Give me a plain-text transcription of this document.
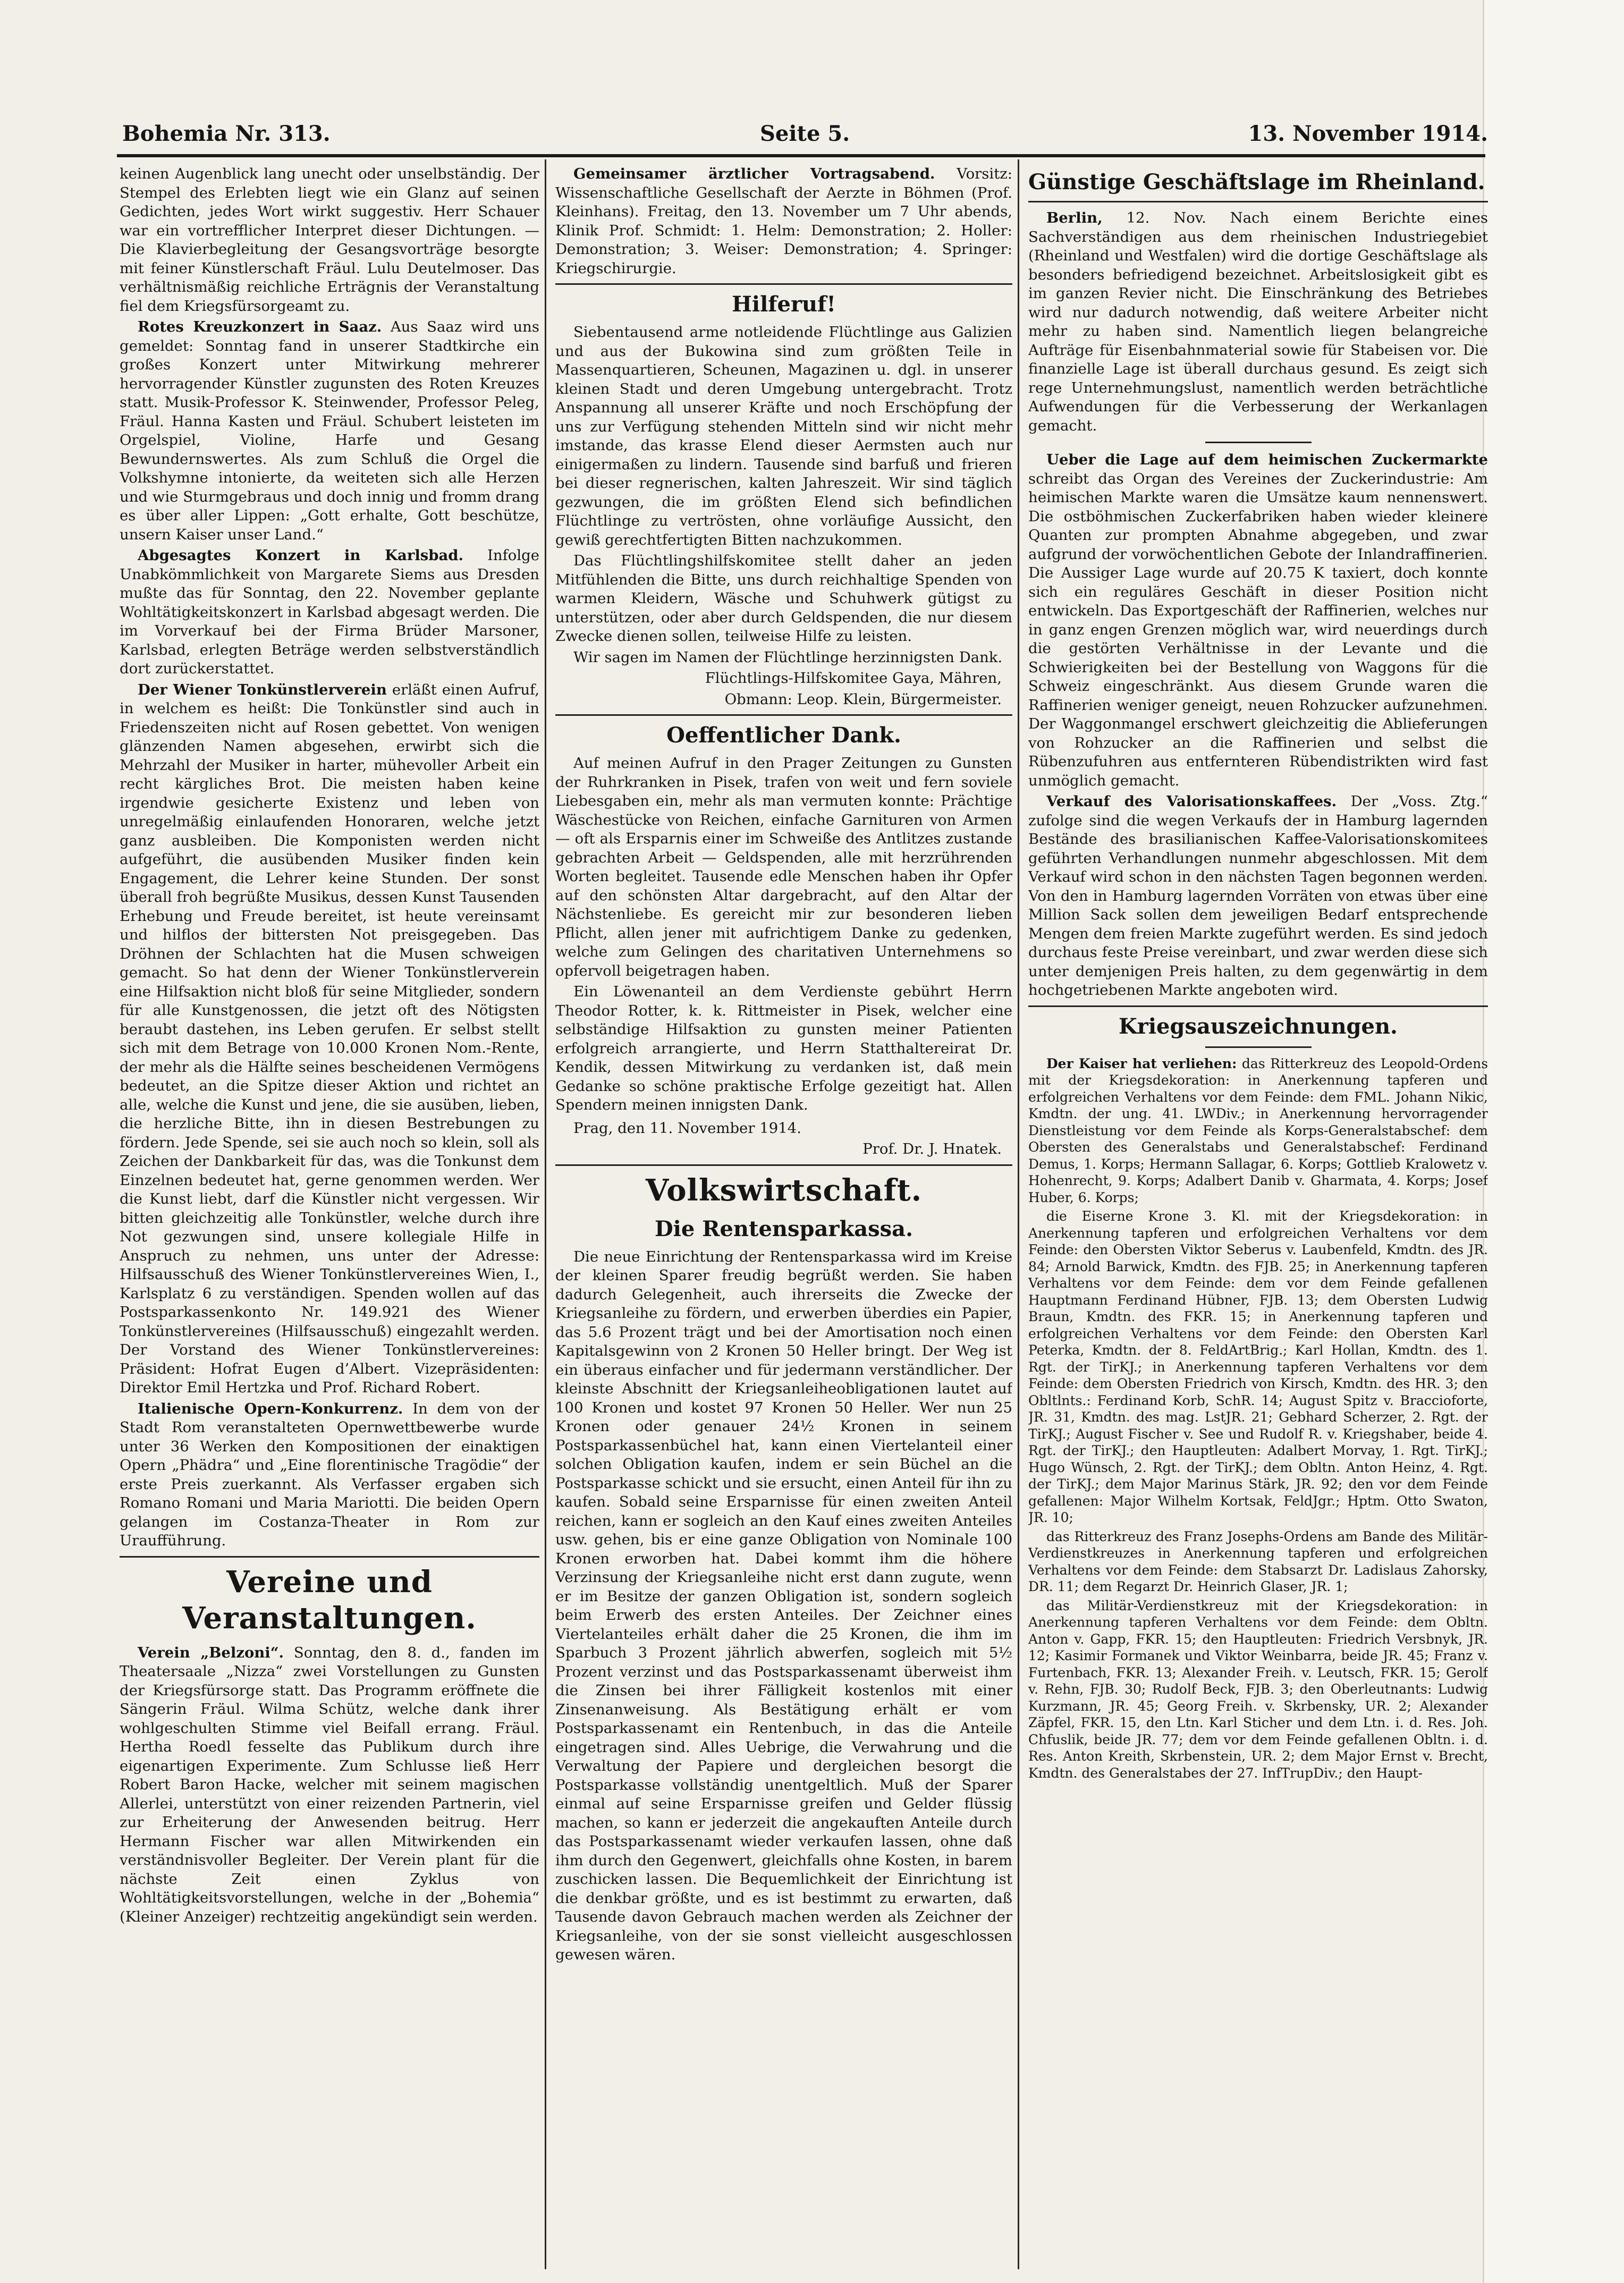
Bohemia Nr. 313.	Seite 5.	13. November 1914.

keinen Augenblick lang unecht oder unselbständig. Der Stempel des Erlebten liegt wie ein Glanz auf seinen Gedichten, jedes Wort wirkt suggestiv. Herr Schauer war ein vortrefflicher Interpret dieser Dichtungen. — Die Klavierbegleitung der Gesangsvorträge besorgte mit feiner Künstlerschaft Fräul. Lulu Deutelmoser. Das verhältnismäßig reichliche Erträgnis der Veranstaltung fiel dem Kriegsfürsorgeamt zu.

Rotes Kreuzkonzert in Saaz. Aus Saaz wird uns gemeldet: Sonntag fand in unserer Stadtkirche ein großes Konzert unter Mitwirkung mehrerer hervorragender Künstler zugunsten des Roten Kreuzes statt. Musik-Professor K. Steinwender, Professor Peleg, Fräul. Hanna Kasten und Fräul. Schubert leisteten im Orgelspiel, Violine, Harfe und Gesang Bewundernswertes. Als zum Schluß die Orgel die Volkshymne intonierte, da weiteten sich alle Herzen und wie Sturmgebraus und doch innig und fromm drang es über aller Lippen: „Gott erhalte, Gott beschütze, unsern Kaiser unser Land.“

Abgesagtes Konzert in Karlsbad. Infolge Unabkömmlichkeit von Margarete Siems aus Dresden mußte das für Sonntag, den 22. November geplante Wohltätigkeitskonzert in Karlsbad abgesagt werden. Die im Vorverkauf bei der Firma Brüder Marsoner, Karlsbad, erlegten Beträge werden selbstverständlich dort zurückerstattet.

Der Wiener Tonkünstlerverein erläßt einen Aufruf, in welchem es heißt: Die Tonkünstler sind auch in Friedenszeiten nicht auf Rosen gebettet. Von wenigen glänzenden Namen abgesehen, erwirbt sich die Mehrzahl der Musiker in harter, mühevoller Arbeit ein recht kärgliches Brot. Die meisten haben keine irgendwie gesicherte Existenz und leben von unregelmäßig einlaufenden Honoraren, welche jetzt ganz ausbleiben. Die Komponisten werden nicht aufgeführt, die ausübenden Musiker finden kein Engagement, die Lehrer keine Stunden. Der sonst überall froh begrüßte Musikus, dessen Kunst Tausenden Erhebung und Freude bereitet, ist heute vereinsamt und hilflos der bittersten Not preisgegeben. Das Dröhnen der Schlachten hat die Musen schweigen gemacht. So hat denn der Wiener Tonkünstlerverein eine Hilfsaktion nicht bloß für seine Mitglieder, sondern für alle Kunstgenossen, die jetzt oft des Nötigsten beraubt dastehen, ins Leben gerufen. Er selbst stellt sich mit dem Betrage von 10.000 Kronen Nom.-Rente, der mehr als die Hälfte seines bescheidenen Vermögens bedeutet, an die Spitze dieser Aktion und richtet an alle, welche die Kunst und jene, die sie ausüben, lieben, die herzliche Bitte, ihn in diesen Bestrebungen zu fördern. Jede Spende, sei sie auch noch so klein, soll als Zeichen der Dankbarkeit für das, was die Tonkunst dem Einzelnen bedeutet hat, gerne genommen werden. Wer die Kunst liebt, darf die Künstler nicht vergessen. Wir bitten gleichzeitig alle Tonkünstler, welche durch ihre Not gezwungen sind, unsere kollegiale Hilfe in Anspruch zu nehmen, uns unter der Adresse: Hilfsausschuß des Wiener Tonkünstlervereines Wien, I., Karlsplatz 6 zu verständigen. Spenden wollen auf das Postsparkassenkonto Nr. 149.921 des Wiener Tonkünstlervereines (Hilfsausschuß) eingezahlt werden. Der Vorstand des Wiener Tonkünstlervereines: Präsident: Hofrat Eugen d’Albert. Vizepräsidenten: Direktor Emil Hertzka und Prof. Richard Robert.

Italienische Opern-Konkurrenz. In dem von der Stadt Rom veranstalteten Opernwettbewerbe wurde unter 36 Werken den Kompositionen der einaktigen Opern „Phädra“ und „Eine florentinische Tragödie“ der erste Preis zuerkannt. Als Verfasser ergaben sich Romano Romani und Maria Mariotti. Die beiden Opern gelangen im Costanza-Theater in Rom zur Uraufführung.

Vereine und Veranstaltungen.

Verein „Belzoni“. Sonntag, den 8. d., fanden im Theatersaale „Nizza“ zwei Vorstellungen zu Gunsten der Kriegsfürsorge statt. Das Programm eröffnete die Sängerin Fräul. Wilma Schütz, welche dank ihrer wohlgeschulten Stimme viel Beifall errang. Fräul. Hertha Roedl fesselte das Publikum durch ihre eigenartigen Experimente. Zum Schlusse ließ Herr Robert Baron Hacke, welcher mit seinem magischen Allerlei, unterstützt von einer reizenden Partnerin, viel zur Erheiterung der Anwesenden beitrug. Herr Hermann Fischer war allen Mitwirkenden ein verständnisvoller Begleiter. Der Verein plant für die nächste Zeit einen Zyklus von Wohltätigkeitsvorstellungen, welche in der „Bohemia“ (Kleiner Anzeiger) rechtzeitig angekündigt sein werden.

Gemeinsamer ärztlicher Vortragsabend. Vorsitz: Wissenschaftliche Gesellschaft der Aerzte in Böhmen (Prof. Kleinhans). Freitag, den 13. November um 7 Uhr abends, Klinik Prof. Schmidt: 1. Helm: Demonstration; 2. Holler: Demonstration; 3. Weiser: Demonstration; 4. Springer: Kriegschirurgie.

Hilferuf!

Siebentausend arme notleidende Flüchtlinge aus Galizien und aus der Bukowina sind zum größten Teile in Massenquartieren, Scheunen, Magazinen u. dgl. in unserer kleinen Stadt und deren Umgebung untergebracht. Trotz Anspannung all unserer Kräfte und noch Erschöpfung der uns zur Verfügung stehenden Mitteln sind wir nicht mehr imstande, das krasse Elend dieser Aermsten auch nur einigermaßen zu lindern. Tausende sind barfuß und frieren bei dieser regnerischen, kalten Jahreszeit. Wir sind täglich gezwungen, die im größten Elend sich befindlichen Flüchtlinge zu vertrösten, ohne vorläufige Aussicht, den gewiß gerechtfertigten Bitten nachzukommen.

Das Flüchtlingshilfskomitee stellt daher an jeden Mitfühlenden die Bitte, uns durch reichhaltige Spenden von warmen Kleidern, Wäsche und Schuhwerk gütigst zu unterstützen, oder aber durch Geldspenden, die nur diesem Zwecke dienen sollen, teilweise Hilfe zu leisten.

Wir sagen im Namen der Flüchtlinge herzinnigsten Dank.

Flüchtlings-Hilfskomitee Gaya, Mähren,

Obmann: Leop. Klein, Bürgermeister.

Oeffentlicher Dank.

Auf meinen Aufruf in den Prager Zeitungen zu Gunsten der Ruhrkranken in Pisek, trafen von weit und fern soviele Liebesgaben ein, mehr als man vermuten konnte: Prächtige Wäschestücke von Reichen, einfache Garnituren von Armen — oft als Ersparnis einer im Schweiße des Antlitzes zustande gebrachten Arbeit — Geldspenden, alle mit herzrührenden Worten begleitet. Tausende edle Menschen haben ihr Opfer auf den schönsten Altar dargebracht, auf den Altar der Nächstenliebe. Es gereicht mir zur besonderen lieben Pflicht, allen jener mit aufrichtigem Danke zu gedenken, welche zum Gelingen des charitativen Unternehmens so opfervoll beigetragen haben.

Ein Löwenanteil an dem Verdienste gebührt Herrn Theodor Rotter, k. k. Rittmeister in Pisek, welcher eine selbständige Hilfsaktion zu gunsten meiner Patienten erfolgreich arrangierte, und Herrn Statthaltereirat Dr. Kendik, dessen Mitwirkung zu verdanken ist, daß mein Gedanke so schöne praktische Erfolge gezeitigt hat. Allen Spendern meinen innigsten Dank.

Prag, den 11. November 1914.

Prof. Dr. J. Hnatek.

Volkswirtschaft.
Die Rentensparkassa.

Die neue Einrichtung der Rentensparkassa wird im Kreise der kleinen Sparer freudig begrüßt werden. Sie haben dadurch Gelegenheit, auch ihrerseits die Zwecke der Kriegsanleihe zu fördern, und erwerben überdies ein Papier, das 5.6 Prozent trägt und bei der Amortisation noch einen Kapitalsgewinn von 2 Kronen 50 Heller bringt. Der Weg ist ein überaus einfacher und für jedermann verständlicher. Der kleinste Abschnitt der Kriegsanleiheobligationen lautet auf 100 Kronen und kostet 97 Kronen 50 Heller. Wer nun 25 Kronen oder genauer 24½ Kronen in seinem Postsparkassenbüchel hat, kann einen Viertelanteil einer solchen Obligation kaufen, indem er sein Büchel an die Postsparkasse schickt und sie ersucht, einen Anteil für ihn zu kaufen. Sobald seine Ersparnisse für einen zweiten Anteil reichen, kann er sogleich an den Kauf eines zweiten Anteiles usw. gehen, bis er eine ganze Obligation von Nominale 100 Kronen erworben hat. Dabei kommt ihm die höhere Verzinsung der Kriegsanleihe nicht erst dann zugute, wenn er im Besitze der ganzen Obligation ist, sondern sogleich beim Erwerb des ersten Anteiles. Der Zeichner eines Viertelanteiles erhält daher die 25 Kronen, die ihm im Sparbuch 3 Prozent jährlich abwerfen, sogleich mit 5½ Prozent verzinst und das Postsparkassenamt überweist ihm die Zinsen bei ihrer Fälligkeit kostenlos mit einer Zinsenanweisung. Als Bestätigung erhält er vom Postsparkassenamt ein Rentenbuch, in das die Anteile eingetragen sind. Alles Uebrige, die Verwahrung und die Verwaltung der Papiere und dergleichen besorgt die Postsparkasse vollständig unentgeltlich. Muß der Sparer einmal auf seine Ersparnisse greifen und Gelder flüssig machen, so kann er jederzeit die angekauften Anteile durch das Postsparkassenamt wieder verkaufen lassen, ohne daß ihm durch den Gegenwert, gleichfalls ohne Kosten, in barem zuschicken lassen. Die Bequemlichkeit der Einrichtung ist die denkbar größte, und es ist bestimmt zu erwarten, daß Tausende davon Gebrauch machen werden als Zeichner der Kriegsanleihe, von der sie sonst vielleicht ausgeschlossen gewesen wären.

Günstige Geschäftslage im Rheinland.

Berlin, 12. Nov. Nach einem Berichte eines Sachverständigen aus dem rheinischen Industriegebiet (Rheinland und Westfalen) wird die dortige Geschäftslage als besonders befriedigend bezeichnet. Arbeitslosigkeit gibt es im ganzen Revier nicht. Die Einschränkung des Betriebes wird nur dadurch notwendig, daß weitere Arbeiter nicht mehr zu haben sind. Namentlich liegen belangreiche Aufträge für Eisenbahnmaterial sowie für Stabeisen vor. Die finanzielle Lage ist überall durchaus gesund. Es zeigt sich rege Unternehmungslust, namentlich werden beträchtliche Aufwendungen für die Verbesserung der Werkanlagen gemacht.

Ueber die Lage auf dem heimischen Zuckermarkte schreibt das Organ des Vereines der Zuckerindustrie: Am heimischen Markte waren die Umsätze kaum nennenswert. Die ostböhmischen Zuckerfabriken haben wieder kleinere Quanten zur prompten Abnahme abgegeben, und zwar aufgrund der vorwöchentlichen Gebote der Inlandraffinerien. Die Aussiger Lage wurde auf 20.75 K taxiert, doch konnte sich ein reguläres Geschäft in dieser Position nicht entwickeln. Das Exportgeschäft der Raffinerien, welches nur in ganz engen Grenzen möglich war, wird neuerdings durch die gestörten Verhältnisse in der Levante und die Schwierigkeiten bei der Bestellung von Waggons für die Schweiz eingeschränkt. Aus diesem Grunde waren die Raffinerien weniger geneigt, neuen Rohzucker aufzunehmen. Der Waggonmangel erschwert gleichzeitig die Ablieferungen von Rohzucker an die Raffinerien und selbst die Rübenzufuhren aus entfernteren Rübendistrikten wird fast unmöglich gemacht.

Verkauf des Valorisationskaffees. Der „Voss. Ztg.“ zufolge sind die wegen Verkaufs der in Hamburg lagernden Bestände des brasilianischen Kaffee-Valorisationskomitees geführten Verhandlungen nunmehr abgeschlossen. Mit dem Verkauf wird schon in den nächsten Tagen begonnen werden. Von den in Hamburg lagernden Vorräten von etwas über eine Million Sack sollen dem jeweiligen Bedarf entsprechende Mengen dem freien Markte zugeführt werden. Es sind jedoch durchaus feste Preise vereinbart, und zwar werden diese sich unter demjenigen Preis halten, zu dem gegenwärtig in dem hochgetriebenen Markte angeboten wird.

Kriegsauszeichnungen.

Der Kaiser hat verliehen: das Ritterkreuz des Leopold-Ordens mit der Kriegsdekoration: in Anerkennung tapferen und erfolgreichen Verhaltens vor dem Feinde: dem FML. Johann Nikic, Kmdtn. der ung. 41. LWDiv.; in Anerkennung hervorragender Dienstleistung vor dem Feinde als Korps-Generalstabschef: dem Obersten des Generalstabs und Generalstabschef: Ferdinand Demus, 1. Korps; Hermann Sallagar, 6. Korps; Gottlieb Kralowetz v. Hohenrecht, 9. Korps; Adalbert Danib v. Gharmata, 4. Korps; Josef Huber, 6. Korps;

die Eiserne Krone 3. Kl. mit der Kriegsdekoration: in Anerkennung tapferen und erfolgreichen Verhaltens vor dem Feinde: den Obersten Viktor Seberus v. Laubenfeld, Kmdtn. des JR. 84; Arnold Barwick, Kmdtn. des FJB. 25; in Anerkennung tapferen Verhaltens vor dem Feinde: dem vor dem Feinde gefallenen Hauptmann Ferdinand Hübner, FJB. 13; dem Obersten Ludwig Braun, Kmdtn. des FKR. 15; in Anerkennung tapferen und erfolgreichen Verhaltens vor dem Feinde: den Obersten Karl Peterka, Kmdtn. der 8. FeldArtBrig.; Karl Hollan, Kmdtn. des 1. Rgt. der TirKJ.; in Anerkennung tapferen Verhaltens vor dem Feinde: dem Obersten Friedrich von Kirsch, Kmdtn. des HR. 3; den Obltlnts.: Ferdinand Korb, SchR. 14; August Spitz v. Braccioforte, JR. 31, Kmdtn. des mag. LstJR. 21; Gebhard Scherzer, 2. Rgt. der TirKJ.; August Fischer v. See und Rudolf R. v. Kriegshaber, beide 4. Rgt. der TirKJ.; den Hauptleuten: Adalbert Morvay, 1. Rgt. TirKJ.; Hugo Wünsch, 2. Rgt. der TirKJ.; dem Obltn. Anton Heinz, 4. Rgt. der TirKJ.; dem Major Marinus Stärk, JR. 92; den vor dem Feinde gefallenen: Major Wilhelm Kortsak, FeldJgr.; Hptm. Otto Swaton, JR. 10;

das Ritterkreuz des Franz Josephs-Ordens am Bande des Militär-Verdienstkreuzes in Anerkennung tapferen und erfolgreichen Verhaltens vor dem Feinde: dem Stabsarzt Dr. Ladislaus Zahorsky, DR. 11; dem Regarzt Dr. Heinrich Glaser, JR. 1;

das Militär-Verdienstkreuz mit der Kriegsdekoration: in Anerkennung tapferen Verhaltens vor dem Feinde: dem Obltn. Anton v. Gapp, FKR. 15; den Hauptleuten: Friedrich Versbnyk, JR. 12; Kasimir Formanek und Viktor Weinbarra, beide JR. 45; Franz v. Furtenbach, FKR. 13; Alexander Freih. v. Leutsch, FKR. 15; Gerolf v. Rehn, FJB. 30; Rudolf Beck, FJB. 3; den Oberleutnants: Ludwig Kurzmann, JR. 45; Georg Freih. v. Skrbensky, UR. 2; Alexander Zäpfel, FKR. 15, den Ltn. Karl Sticher und dem Ltn. i. d. Res. Joh. Chfuslik, beide JR. 77; dem vor dem Feinde gefallenen Obltn. i. d. Res. Anton Kreith, Skrbenstein, UR. 2; dem Major Ernst v. Brecht, Kmdtn. des Generalstabes der 27. InfTrupDiv.; den Haupt-
